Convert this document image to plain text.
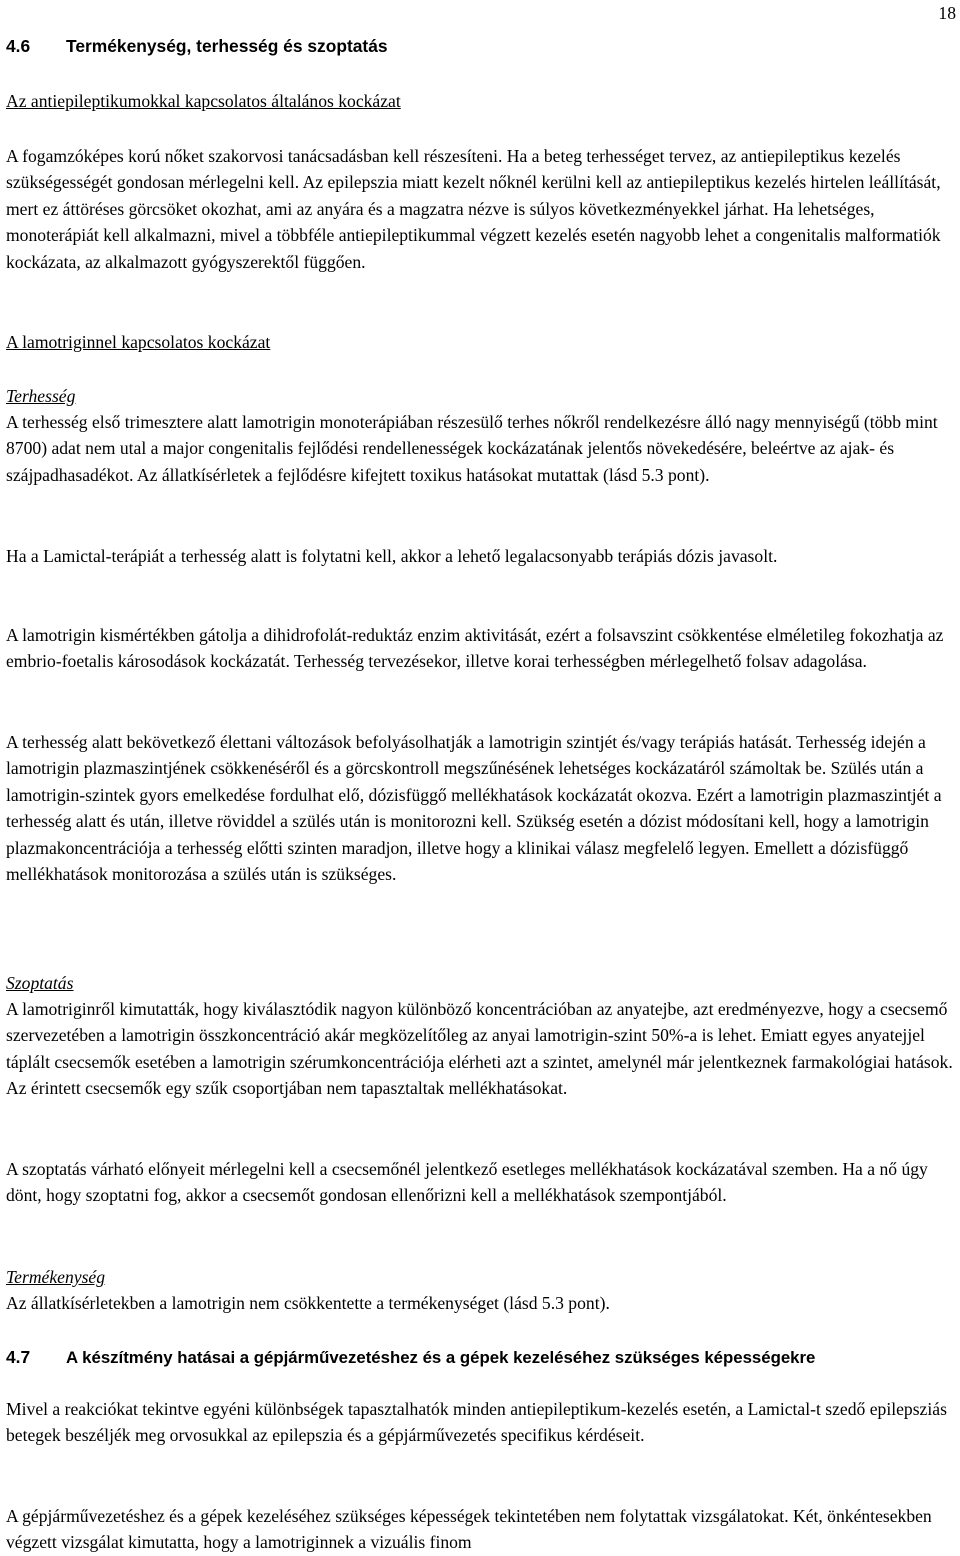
18
4.6 Termékenység, terhesség és szoptatás
Az antiepileptikumokkal kapcsolatos általános kockázat

A fogamzóképes korú nőket szakorvosi tanácsadásban kell részesíteni. Ha a beteg terhességet tervez, az antiepileptikus kezelés szükségességét gondosan mérlegelni kell. Az epilepszia miatt kezelt nőknél kerülni kell az antiepileptikus kezelés hirtelen leállítását, mert ez áttöréses görcsöket okozhat, ami az anyára és a magzatra nézve is súlyos következményekkel járhat. Ha lehetséges, monoterápiát kell alkalmazni, mivel a többféle antiepileptikummal végzett kezelés esetén nagyobb lehet a congenitalis malformatiók kockázata, az alkalmazott gyógyszerektől függően.

A lamotriginnel kapcsolatos kockázat
Terhesség

A terhesség első trimesztere alatt lamotrigin monoterápiában részesülő terhes nőkről rendelkezésre álló nagy mennyiségű (több mint 8700) adat nem utal a major congenitalis fejlődési rendellenességek kockázatának jelentős növekedésére, beleértve az ajak- és szájpadhasadékot. Az állatkísérletek a fejlődésre kifejtett toxikus hatásokat mutattak (lásd 5.3 pont).

Ha a Lamictal-terápiát a terhesség alatt is folytatni kell, akkor a lehető legalacsonyabb terápiás dózis javasolt.

A lamotrigin kismértékben gátolja a dihidrofolát-reduktáz enzim aktivitását, ezért a folsavszint csökkentése elméletileg fokozhatja az embrio-foetalis károsodások kockázatát. Terhesség tervezésekor, illetve korai terhességben mérlegelhető folsav adagolása.

A terhesség alatt bekövetkező élettani változások befolyásolhatják a lamotrigin szintjét és/vagy terápiás hatását. Terhesség idején a lamotrigin plazmaszintjének csökkenéséről és a görcskontroll megszűnésének lehetséges kockázatáról számoltak be. Szülés után a lamotrigin-szintek gyors emelkedése fordulhat elő, dózisfüggő mellékhatások kockázatát okozva. Ezért a lamotrigin plazmaszintjét a terhesség alatt és után, illetve röviddel a szülés után is monitorozni kell. Szükség esetén a dózist módosítani kell, hogy a lamotrigin plazmakoncentrációja a terhesség előtti szinten maradjon, illetve hogy a klinikai válasz megfelelő legyen. Emellett a dózisfüggő mellékhatások monitorozása a szülés után is szükséges.

Szoptatás

A lamotriginről kimutatták, hogy kiválasztódik nagyon különböző koncentrációban az anyatejbe, azt eredményezve, hogy a csecsemő szervezetében a lamotrigin összkoncentráció akár megközelítőleg az anyai lamotrigin-szint 50%-a is lehet. Emiatt egyes anyatejjel táplált csecsemők esetében a lamotrigin szérumkoncentrációja elérheti azt a szintet, amelynél már jelentkeznek farmakológiai hatások. Az érintett csecsemők egy szűk csoportjában nem tapasztaltak mellékhatásokat.

A szoptatás várható előnyeit mérlegelni kell a csecsemőnél jelentkező esetleges mellékhatások kockázatával szemben. Ha a nő úgy dönt, hogy szoptatni fog, akkor a csecsemőt gondosan ellenőrizni kell a mellékhatások szempontjából.

Termékenység

Az állatkísérletekben a lamotrigin nem csökkentette a termékenységet (lásd 5.3 pont).

4.7 A készítmény hatásai a gépjárművezetéshez és a gépek kezeléséhez szükséges képességekre

Mivel a reakciókat tekintve egyéni különbségek tapasztalhatók minden antiepileptikum-kezelés esetén, a Lamictal-t szedő epilepsziás betegek beszéljék meg orvosukkal az epilepszia és a gépjárművezetés specifikus kérdéseit.

A gépjárművezetéshez és a gépek kezeléséhez szükséges képességek tekintetében nem folytattak vizsgálatokat. Két, önkéntesekben végzett vizsgálat kimutatta, hogy a lamotriginnek a vizuális finom
